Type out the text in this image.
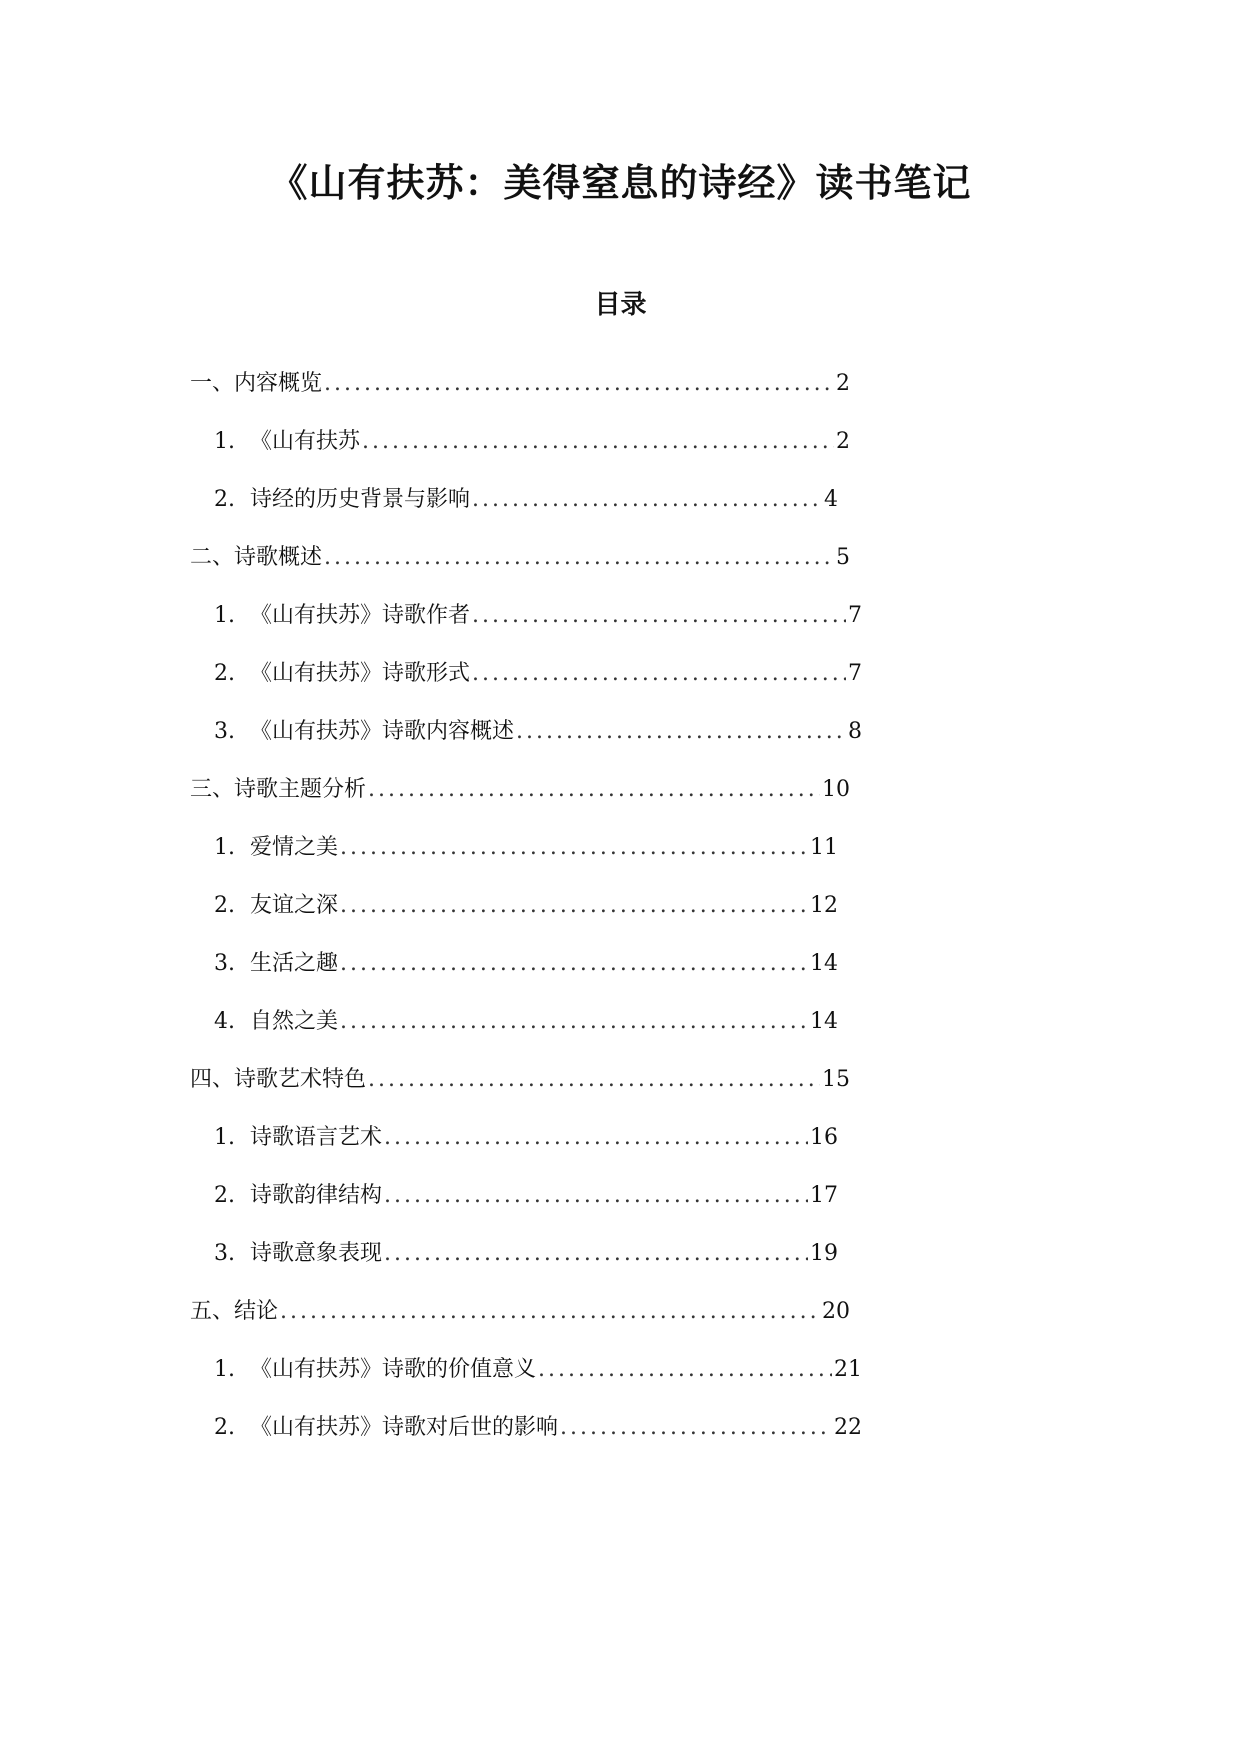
《山有扶苏：美得窒息的诗经》读书笔记
目录
一、内容概览 .....	2
1. 《山有扶苏 .....	2
2. 诗经的历史背景与影响 .....	4
二、诗歌概述 .....	5
1. 《山有扶苏》诗歌作者 .....	7
2. 《山有扶苏》诗歌形式 .....	7
3. 《山有扶苏》诗歌内容概述 .....	8
三、诗歌主题分析 .....	10
1. 爱情之美 .....	11
2. 友谊之深 .....	12
3. 生活之趣 .....	14
4. 自然之美 .....	14
四、诗歌艺术特色 .....	15
1. 诗歌语言艺术 .....	16
2. 诗歌韵律结构 .....	17
3. 诗歌意象表现 .....	19
五、结论 .....	20
1. 《山有扶苏》诗歌的价值意义 .....	21
2. 《山有扶苏》诗歌对后世的影响 .....	22
